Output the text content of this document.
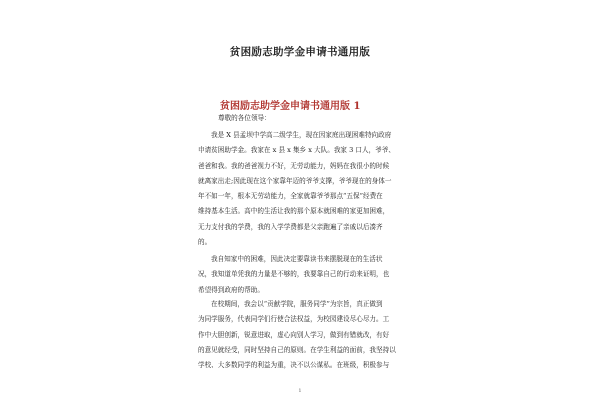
贫困励志助学金申请书通用版
贫困励志助学金申请书通用版 1
尊敬的各位领导：
我是 X 县孟坝中学高二级学生，现在因家庭出现困难特向政府
申请贫困助学金。我家在 x 县 x 集乡 x 大队。我家 3 口人，爷爷、
爸爸和我。我的爸爸视力不好，无劳动能力，妈妈在我很小的时候
就离家出走;因此现在这个家靠年迈的爷爷支撑，爷爷现在的身体一
年不如一年，根本无劳动能力，全家就靠爷爷那点“五保”经费在
维持基本生活。高中的生活让我的那个原本就困难的家更加困难，
无力支付我的学费，我的入学学费都是父亲跑遍了亲戚以后凑齐
的。
我自知家中的困难，因此决定要靠读书来摆脱现在的生活状
况，我知道单凭我的力量是不够的，我要靠自己的行动来证明，也
希望得到政府的帮助。
在校期间，我会以“贡献学院，服务同学”为宗旨，真正做到
为同学服务，代表同学们行使合法权益，为校园建设尽心尽力。工
作中大胆创新，锐意进取，虚心向别人学习，做到有错就改，有好
的意见就经受，同时坚持自己的原则。在学生利益的面前，我坚持以
学校、大多数同学的利益为重，决不以公谋私。在班级，积极参与
1
